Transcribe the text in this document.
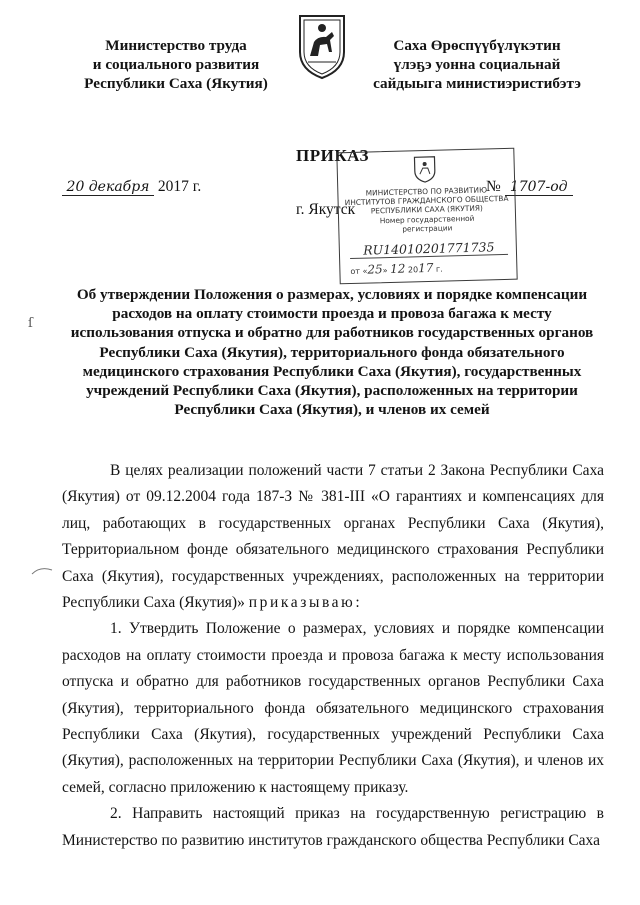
Министерство труда
и социального развития
Республики Саха (Якутия)
Саха Өрөспүүбүлүкэтин
үлэҕэ уонна социальнай
сайдыыга министиэристибэтэ
ПРИКАЗ
20 декабря 2017 г.	№ 1707-од
г. Якутск
МИНИСТЕРСТВО ПО РАЗВИТИЮ
ИНСТИТУТОВ ГРАЖДАНСКОГО ОБЩЕСТВА
РЕСПУБЛИКИ САХА (ЯКУТИЯ)
Номер государственной
регистрации
RU14010201771735
от «25» 12 2017 г.
Об утверждении Положения о размерах, условиях и порядке компенсации расходов на оплату стоимости проезда и провоза багажа к месту использования отпуска и обратно для работников государственных органов Республики Саха (Якутия), территориального фонда обязательного медицинского страхования Республики Саха (Якутия), государственных учреждений Республики Саха (Якутия), расположенных на территории Республики Саха (Якутия), и членов их семей
ſ

В целях реализации положений части 7 статьи 2 Закона Республики Саха (Якутия) от 09.12.2004 года 187-З № 381-III «О гарантиях и компенсациях для лиц, работающих в государственных органах Республики Саха (Якутия), Территориальном фонде обязательного медицинского страхования Республики Саха (Якутия), государственных учреждениях, расположенных на территории Республики Саха (Якутия)» приказываю:

1. Утвердить Положение о размерах, условиях и порядке компенсации расходов на оплату стоимости проезда и провоза багажа к месту использования отпуска и обратно для работников государственных органов Республики Саха (Якутия), территориального фонда обязательного медицинского страхования Республики Саха (Якутия), государственных учреждений Республики Саха (Якутия), расположенных на территории Республики Саха (Якутия), и членов их семей, согласно приложению к настоящему приказу.

2. Направить настоящий приказ на государственную регистрацию в Министерство по развитию институтов гражданского общества Республики Саха
